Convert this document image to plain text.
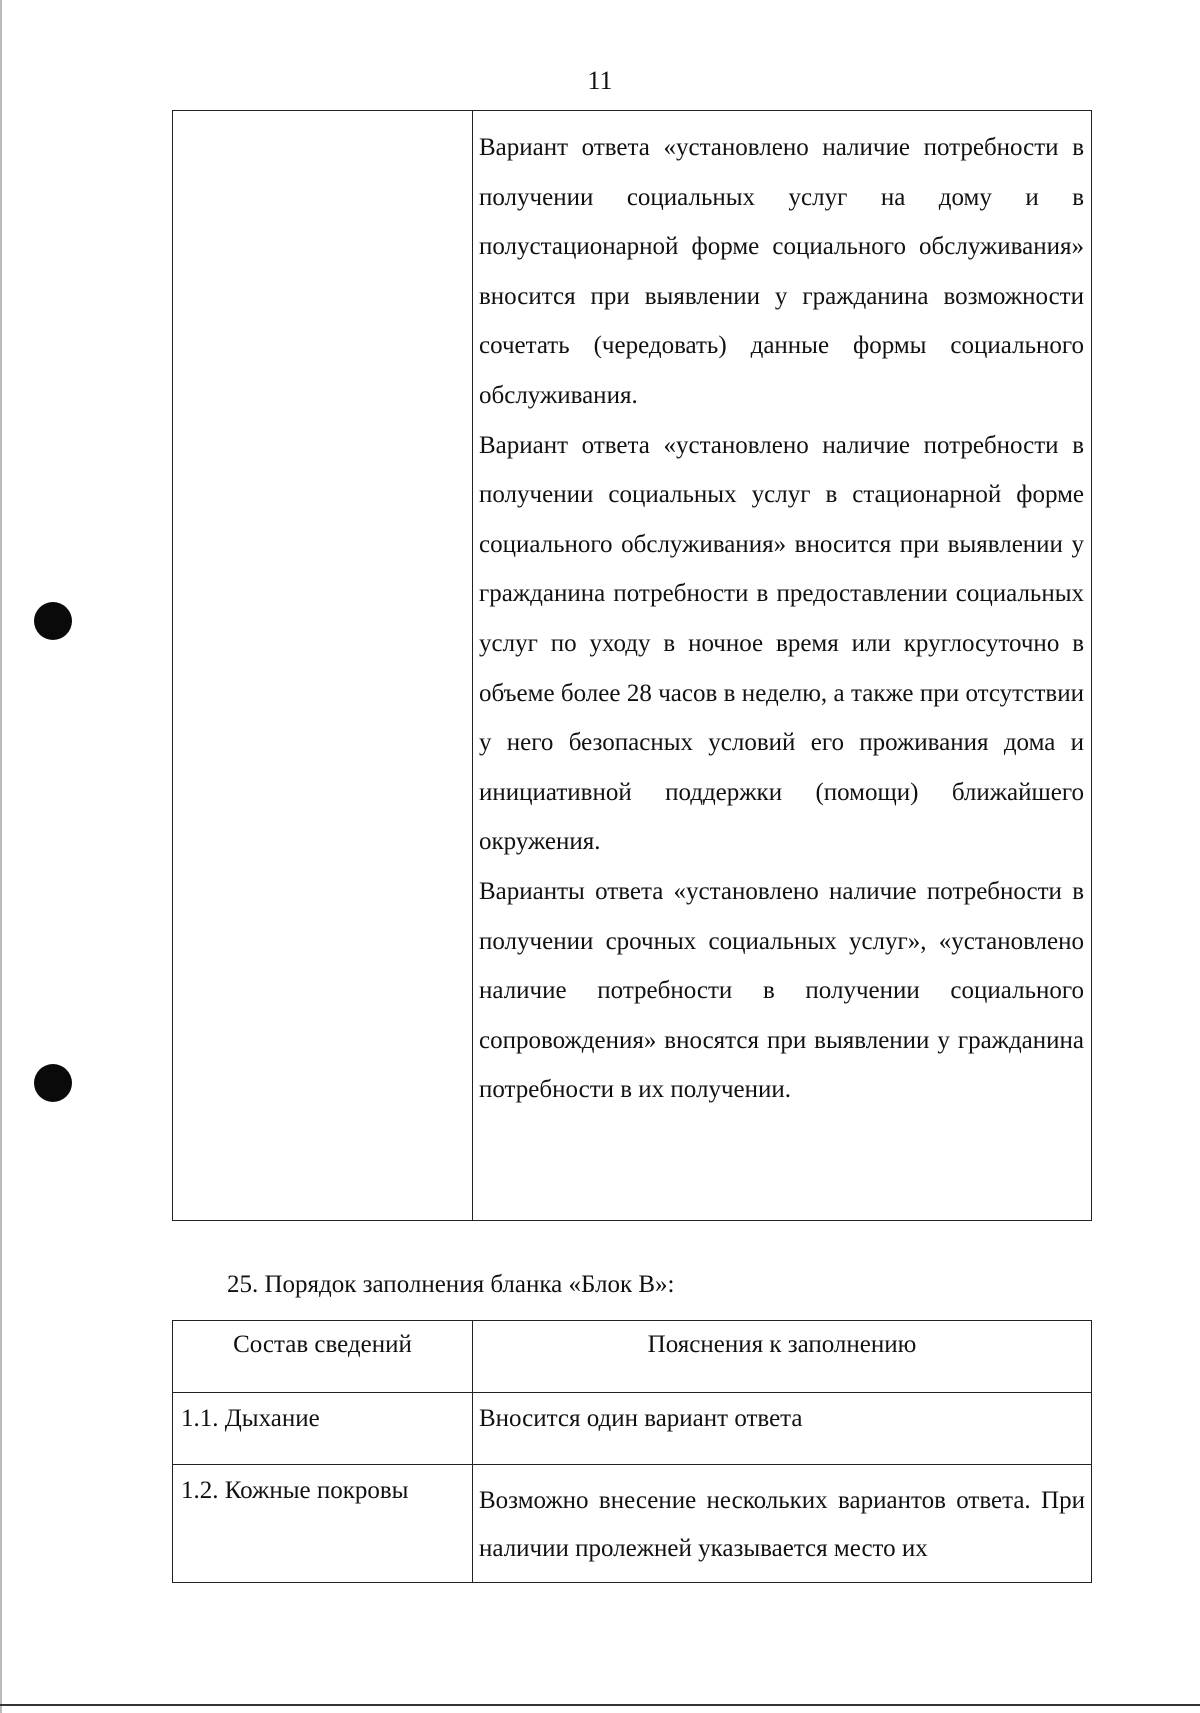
11

Вариант ответа «установлено наличие потребности в получении социальных услуг на дому и в полустационарной форме социального обслуживания» вносится при выявлении у гражданина возможности сочетать (чередовать) данные формы социального обслуживания.

Вариант ответа «установлено наличие потребности в получении социальных услуг в стационарной форме социального обслуживания» вносится при выявлении у гражданина потребности в предоставлении социальных услуг по уходу в ночное время или круглосуточно в объеме более 28 часов в неделю, а также при отсутствии у него безопасных условий его проживания дома и инициативной поддержки (помощи) ближайшего окружения.

Варианты ответа «установлено наличие потребности в получении срочных социальных услуг», «установлено наличие потребности в получении социального сопровождения» вносятся при выявлении у гражданина потребности в их получении.

25. Порядок заполнения бланка «Блок В»:
Состав сведений	Пояснения к заполнению
1.1. Дыхание	Вносится один вариант ответа
1.2. Кожные покровы	Возможно внесение нескольких вариантов ответа. При наличии пролежней указывается место их
